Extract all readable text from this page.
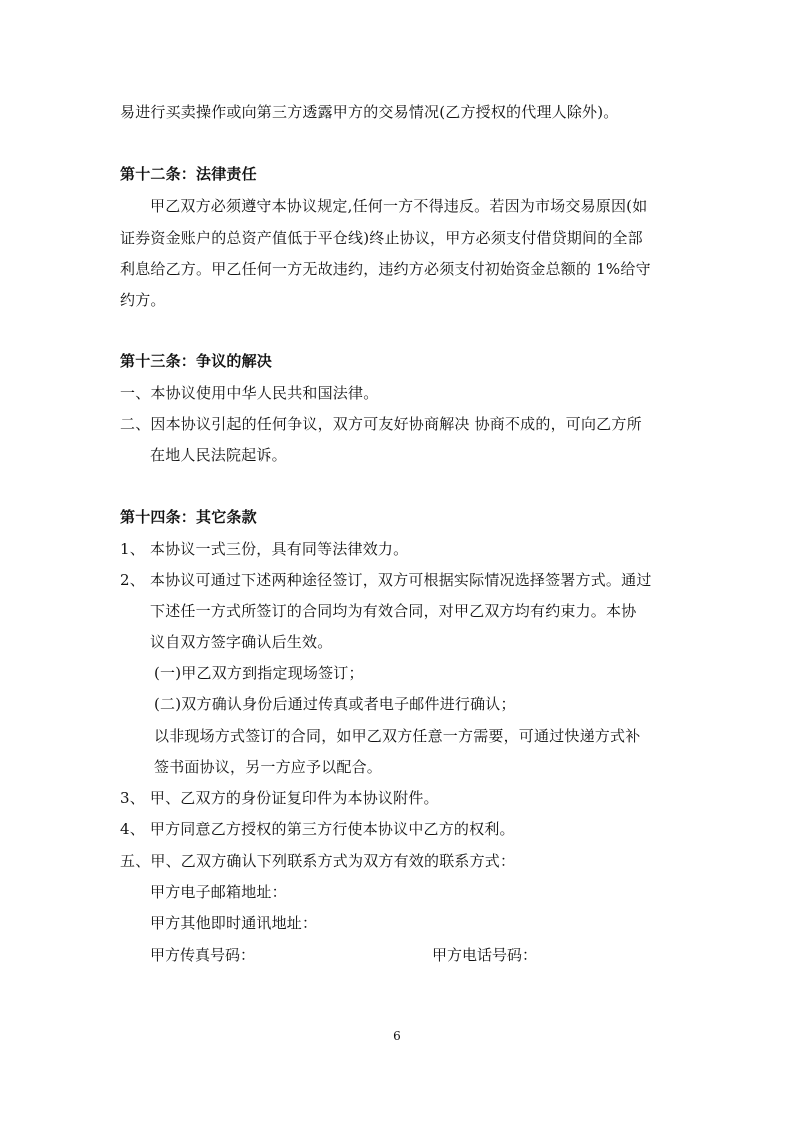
易进行买卖操作或向第三方透露甲方的交易情况(乙方授权的代理人除外)。
第十二条：法律责任
甲乙双方必须遵守本协议规定,任何一方不得违反。若因为市场交易原因(如
证券资金账户的总资产值低于平仓线)终止协议，甲方必须支付借贷期间的全部
利息给乙方。甲乙任何一方无故违约，违约方必须支付初始资金总额的 1%给守
约方。
第十三条：争议的解决
一、本协议使用中华人民共和国法律。
二、因本协议引起的任何争议，双方可友好协商解决 协商不成的，可向乙方所
在地人民法院起诉。
第十四条：其它条款
1、 本协议一式三份，具有同等法律效力。
2、 本协议可通过下述两种途径签订，双方可根据实际情况选择签署方式。通过
下述任一方式所签订的合同均为有效合同，对甲乙双方均有约束力。本协
议自双方签字确认后生效。
(一)甲乙双方到指定现场签订；
(二)双方确认身份后通过传真或者电子邮件进行确认；
以非现场方式签订的合同，如甲乙双方任意一方需要，可通过快递方式补
签书面协议，另一方应予以配合。
3、 甲、乙双方的身份证复印件为本协议附件。
4、 甲方同意乙方授权的第三方行使本协议中乙方的权利。
五、甲、乙双方确认下列联系方式为双方有效的联系方式：
甲方电子邮箱地址：
甲方其他即时通讯地址：
甲方传真号码：	甲方电话号码：
6
